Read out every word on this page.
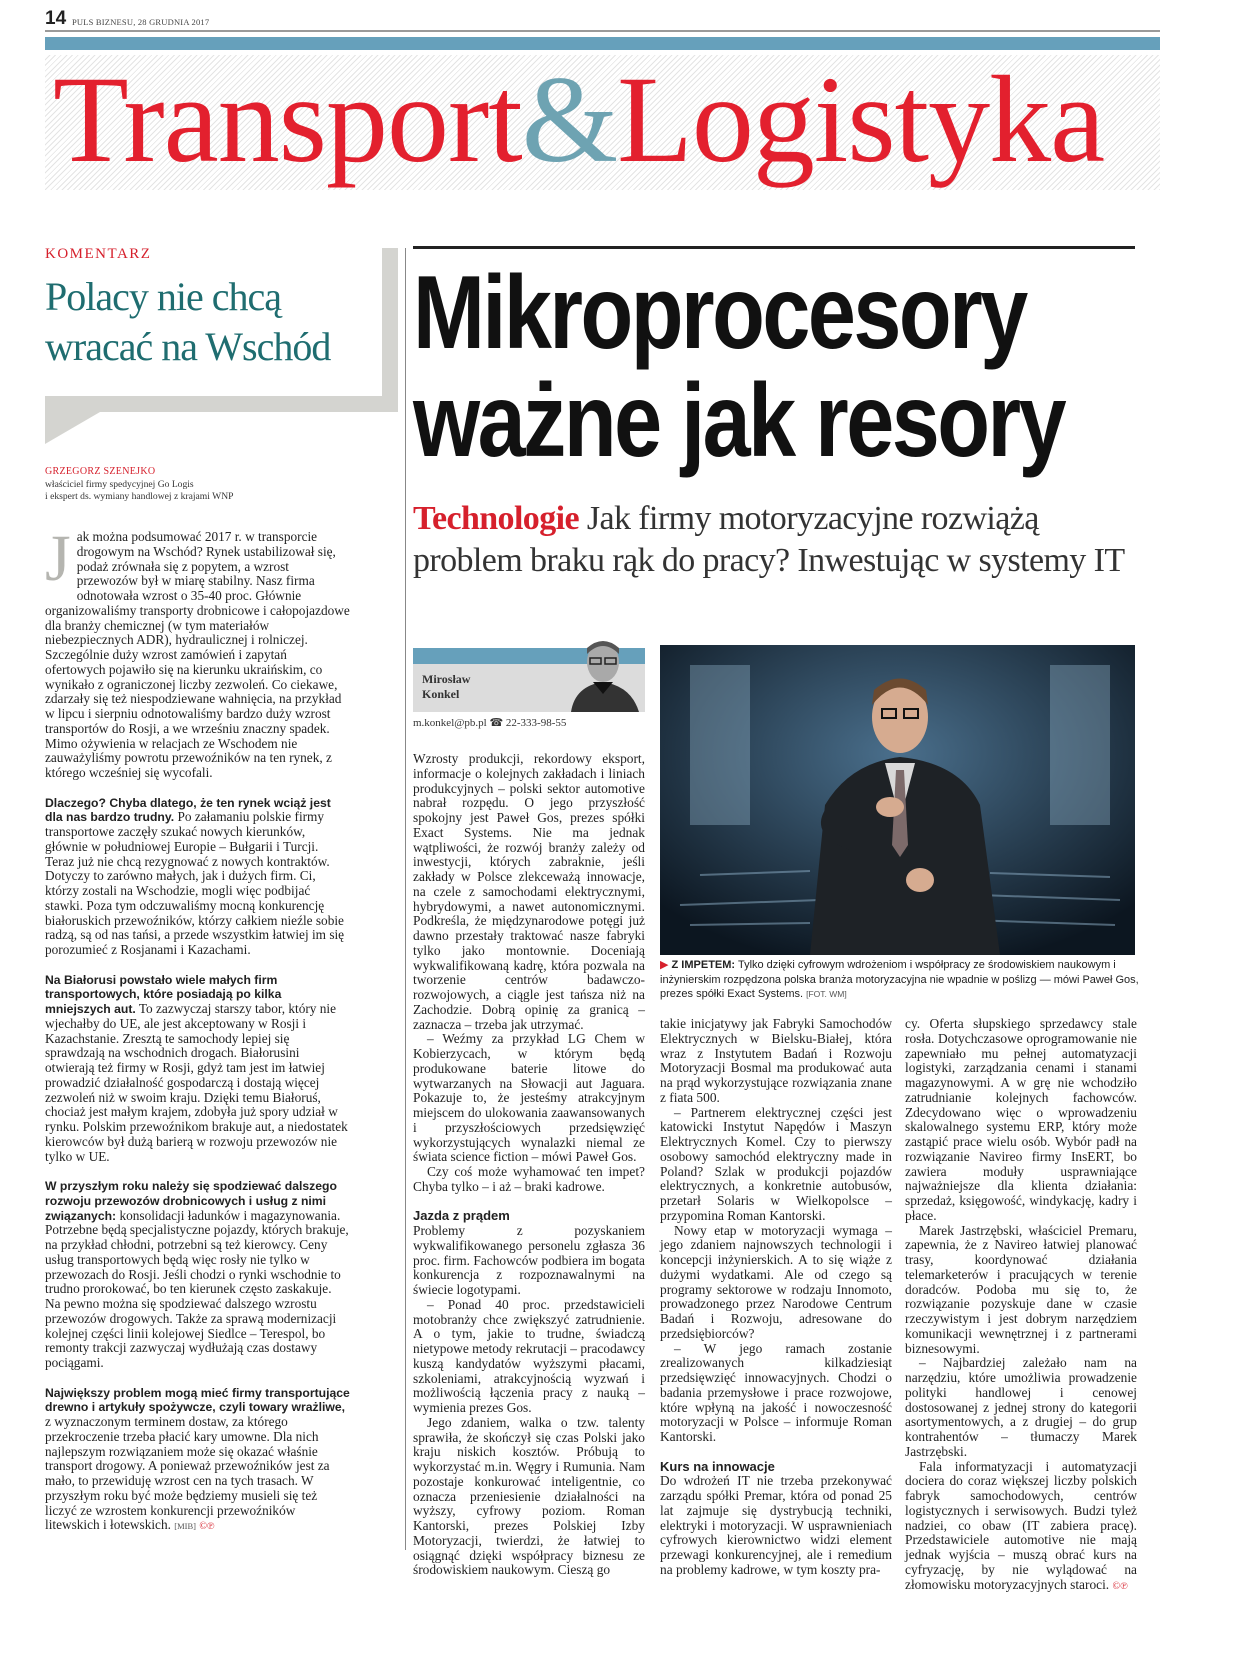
14 PULS BIZNESU, 28 GRUDNIA 2017
Transport&Logistyka
KOMENTARZ
Polacy nie chcą wracać na Wschód
GRZEGORZ SZENEJKO
właściciel firmy spedycyjnej Go Logis
i ekspert ds. wymiany handlowej z krajami WNP

Jak można podsumować 2017 r. w transporcie drogowym na Wschód? Rynek ustabilizował się, podaż zrównała się z popytem, a wzrost przewozów był w miarę stabilny. Nasz firma odnotowała wzrost o 35-40 proc. Głównie organizowaliśmy transporty drobnicowe i całopojazdowe dla branży chemicznej (w tym materiałów niebezpiecznych ADR), hydraulicznej i rolniczej. Szczególnie duży wzrost zamówień i zapytań ofertowych pojawiło się na kierunku ukraińskim, co wynikało z ograniczonej liczby zezwoleń. Co ciekawe, zdarzały się też niespodziewane wahnięcia, na przykład w lipcu i sierpniu odnotowaliśmy bardzo duży wzrost transportów do Rosji, a we wrześniu znaczny spadek. Mimo ożywienia w relacjach ze Wschodem nie zauważyliśmy powrotu przewoźników na ten rynek, z którego wcześniej się wycofali.

Dlaczego? Chyba dlatego, że ten rynek wciąż jest dla nas bardzo trudny. Po załamaniu polskie firmy transportowe zaczęły szukać nowych kierunków, głównie w południowej Europie – Bułgarii i Turcji. Teraz już nie chcą rezygnować z nowych kontraktów. Dotyczy to zarówno małych, jak i dużych firm. Ci, którzy zostali na Wschodzie, mogli więc podbijać stawki. Poza tym odczuwaliśmy mocną konkurencję białoruskich przewoźników, którzy całkiem nieźle sobie radzą, są od nas tańsi, a przede wszystkim łatwiej im się porozumieć z Rosjanami i Kazachami.

Na Białorusi powstało wiele małych firm transportowych, które posiadają po kilka mniejszych aut. To zazwyczaj starszy tabor, który nie wjechałby do UE, ale jest akceptowany w Rosji i Kazachstanie. Zresztą te samochody lepiej się sprawdzają na wschodnich drogach. Białorusini otwierają też firmy w Rosji, gdyż tam jest im łatwiej prowadzić działalność gospodarczą i dostają więcej zezwoleń niż w swoim kraju. Dzięki temu Białoruś, chociaż jest małym krajem, zdobyła już spory udział w rynku. Polskim przewoźnikom brakuje aut, a niedostatek kierowców był dużą barierą w rozwoju przewozów nie tylko w UE.

W przyszłym roku należy się spodziewać dalszego rozwoju przewozów drobnicowych i usług z nimi związanych: konsolidacji ładunków i magazynowania. Potrzebne będą specjalistyczne pojazdy, których brakuje, na przykład chłodni, potrzebni są też kierowcy. Ceny usług transportowych będą więc rosły nie tylko w przewozach do Rosji. Jeśli chodzi o rynki wschodnie to trudno prorokować, bo ten kierunek często zaskakuje. Na pewno można się spodziewać dalszego wzrostu przewozów drogowych. Także za sprawą modernizacji kolejnej części linii kolejowej Siedlce – Terespol, bo remonty trakcji zazwyczaj wydłużają czas dostawy pociągami.

Największy problem mogą mieć firmy transportujące drewno i artykuły spożywcze, czyli towary wrażliwe, z wyznaczonym terminem dostaw, za którego przekroczenie trzeba płacić kary umowne. Dla nich najlepszym rozwiązaniem może się okazać właśnie transport drogowy. A ponieważ przewoźników jest za mało, to przewiduję wzrost cen na tych trasach. W przyszłym roku być może będziemy musieli się też liczyć ze wzrostem konkurencji przewoźników litewskich i łotewskich. [MIB] ©℗

Mikroprocesory
ważne jak resory
Technologie Jak firmy motoryzacyjne rozwiążą problem braku rąk do pracy? Inwestując w systemy IT
Mirosław
Konkel
m.konkel@pb.pl ☎ 22-333-98-55
▶ Z IMPETEM: Tylko dzięki cyfrowym wdrożeniom i współpracy ze środowiskiem naukowym i inżynierskim rozpędzona polska branża motoryzacyjna nie wpadnie w poślizg — mówi Paweł Gos, prezes spółki Exact Systems. [FOT. WM]

Wzrosty produkcji, rekordowy eksport, informacje o kolejnych zakładach i liniach produkcyjnych – polski sektor automotive nabrał rozpędu. O jego przyszłość spokojny jest Paweł Gos, prezes spółki Exact Systems. Nie ma jednak wątpliwości, że rozwój branży zależy od inwestycji, których zabraknie, jeśli zakłady w Polsce zlekceważą innowacje, na czele z samochodami elektrycznymi, hybrydowymi, a nawet autonomicznymi. Podkreśla, że międzynarodowe potęgi już dawno przestały traktować nasze fabryki tylko jako montownie. Doceniają wykwalifikowaną kadrę, która pozwala na tworzenie centrów badawczo-rozwojowych, a ciągle jest tańsza niż na Zachodzie. Dobrą opinię za granicą – zaznacza – trzeba jak utrzymać.

– Weźmy za przykład LG Chem w Kobierzycach, w którym będą produkowane baterie litowe do wytwarzanych na Słowacji aut Jaguara. Pokazuje to, że jesteśmy atrakcyjnym miejscem do ulokowania zaawansowanych i przyszłościowych przedsięwzięć wykorzystujących wynalazki niemal ze świata science fiction – mówi Paweł Gos.

Czy coś może wyhamować ten impet? Chyba tylko – i aż – braki kadrowe.

Jazda z prądem

Problemy z pozyskaniem wykwalifikowanego personelu zgłasza 36 proc. firm. Fachowców podbiera im bogata konkurencja z rozpoznawalnymi na świecie logotypami.

– Ponad 40 proc. przedstawicieli motobranży chce zwiększyć zatrudnienie. A o tym, jakie to trudne, świadczą nietypowe metody rekrutacji – pracodawcy kuszą kandydatów wyższymi płacami, szkoleniami, atrakcyjnością wyzwań i możliwością łączenia pracy z nauką – wymienia prezes Gos.

Jego zdaniem, walka o tzw. talenty sprawiła, że skończył się czas Polski jako kraju niskich kosztów. Próbują to wykorzystać m.in. Węgry i Rumunia. Nam pozostaje konkurować inteligentnie, co oznacza przeniesienie działalności na wyższy, cyfrowy poziom. Roman Kantorski, prezes Polskiej Izby Motoryzacji, twierdzi, że łatwiej to osiągnąć dzięki współpracy biznesu ze środowiskiem naukowym. Cieszą go

takie inicjatywy jak Fabryki Samochodów Elektrycznych w Bielsku-Białej, która wraz z Instytutem Badań i Rozwoju Motoryzacji Bosmal ma produkować auta na prąd wykorzystujące rozwiązania znane z fiata 500.

– Partnerem elektrycznej części jest katowicki Instytut Napędów i Maszyn Elektrycznych Komel. Czy to pierwszy osobowy samochód elektryczny made in Poland? Szlak w produkcji pojazdów elektrycznych, a konkretnie autobusów, przetarł Solaris w Wielkopolsce – przypomina Roman Kantorski.

Nowy etap w motoryzacji wymaga – jego zdaniem najnowszych technologii i koncepcji inżynierskich. A to się wiąże z dużymi wydatkami. Ale od czego są programy sektorowe w rodzaju Innomoto, prowadzonego przez Narodowe Centrum Badań i Rozwoju, adresowane do przedsiębiorców?

– W jego ramach zostanie zrealizowanych kilkadziesiąt przedsięwzięć innowacyjnych. Chodzi o badania przemysłowe i prace rozwojowe, które wpłyną na jakość i nowoczesność motoryzacji w Polsce – informuje Roman Kantorski.

Kurs na innowacje

Do wdrożeń IT nie trzeba przekonywać zarządu spółki Premar, która od ponad 25 lat zajmuje się dystrybucją techniki, elektryki i motoryzacji. W usprawnieniach cyfrowych kierownictwo widzi element przewagi konkurencyjnej, ale i remedium na problemy kadrowe, w tym koszty pra-

cy. Oferta słupskiego sprzedawcy stale rosła. Dotychczasowe oprogramowanie nie zapewniało mu pełnej automatyzacji logistyki, zarządzania cenami i stanami magazynowymi. A w grę nie wchodziło zatrudnianie kolejnych fachowców. Zdecydowano więc o wprowadzeniu skalowalnego systemu ERP, który może zastąpić prace wielu osób. Wybór padł na rozwiązanie Navireo firmy InsERT, bo zawiera moduły usprawniające najważniejsze dla klienta działania: sprzedaż, księgowość, windykację, kadry i płace.

Marek Jastrzębski, właściciel Premaru, zapewnia, że z Navireo łatwiej planować trasy, koordynować działania telemarketerów i pracujących w terenie doradców. Podoba mu się to, że rozwiązanie pozyskuje dane w czasie rzeczywistym i jest dobrym narzędziem komunikacji wewnętrznej i z partnerami biznesowymi.

– Najbardziej zależało nam na narzędziu, które umożliwia prowadzenie polityki handlowej i cenowej dostosowanej z jednej strony do kategorii asortymentowych, a z drugiej – do grup kontrahentów – tłumaczy Marek Jastrzębski.

Fala informatyzacji i automatyzacji dociera do coraz większej liczby polskich fabryk samochodowych, centrów logistycznych i serwisowych. Budzi tyleż nadziei, co obaw (IT zabiera pracę). Przedstawiciele automotive nie mają jednak wyjścia – muszą obrać kurs na cyfryzację, by nie wylądować na złomowisku motoryzacyjnych staroci. ©℗
